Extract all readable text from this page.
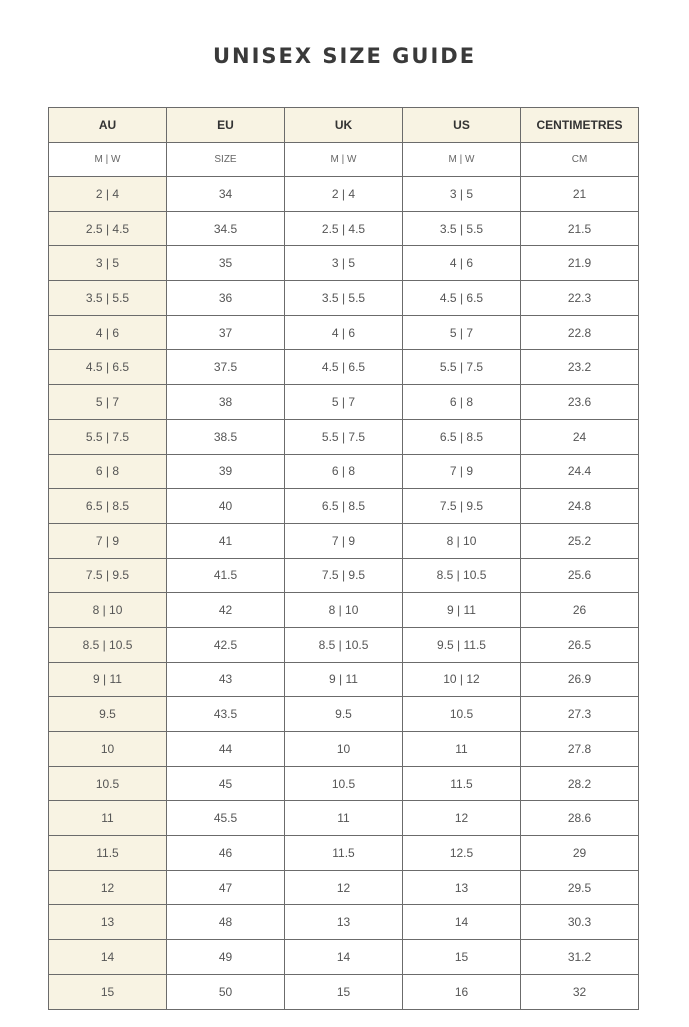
UNISEX SIZE GUIDE
AU	EU	UK	US	CENTIMETRES
M | W	SIZE	M | W	M | W	CM
2 | 4	34	2 | 4	3 | 5	21
2.5 | 4.5	34.5	2.5 | 4.5	3.5 | 5.5	21.5
3 | 5	35	3 | 5	4 | 6	21.9
3.5 | 5.5	36	3.5 | 5.5	4.5 | 6.5	22.3
4 | 6	37	4 | 6	5 | 7	22.8
4.5 | 6.5	37.5	4.5 | 6.5	5.5 | 7.5	23.2
5 | 7	38	5 | 7	6 | 8	23.6
5.5 | 7.5	38.5	5.5 | 7.5	6.5 | 8.5	24
6 | 8	39	6 | 8	7 | 9	24.4
6.5 | 8.5	40	6.5 | 8.5	7.5 | 9.5	24.8
7 | 9	41	7 | 9	8 | 10	25.2
7.5 | 9.5	41.5	7.5 | 9.5	8.5 | 10.5	25.6
8 | 10	42	8 | 10	9 | 11	26
8.5 | 10.5	42.5	8.5 | 10.5	9.5 | 11.5	26.5
9 | 11	43	9 | 11	10 | 12	26.9
9.5	43.5	9.5	10.5	27.3
10	44	10	11	27.8
10.5	45	10.5	11.5	28.2
11	45.5	11	12	28.6
11.5	46	11.5	12.5	29
12	47	12	13	29.5
13	48	13	14	30.3
14	49	14	15	31.2
15	50	15	16	32
